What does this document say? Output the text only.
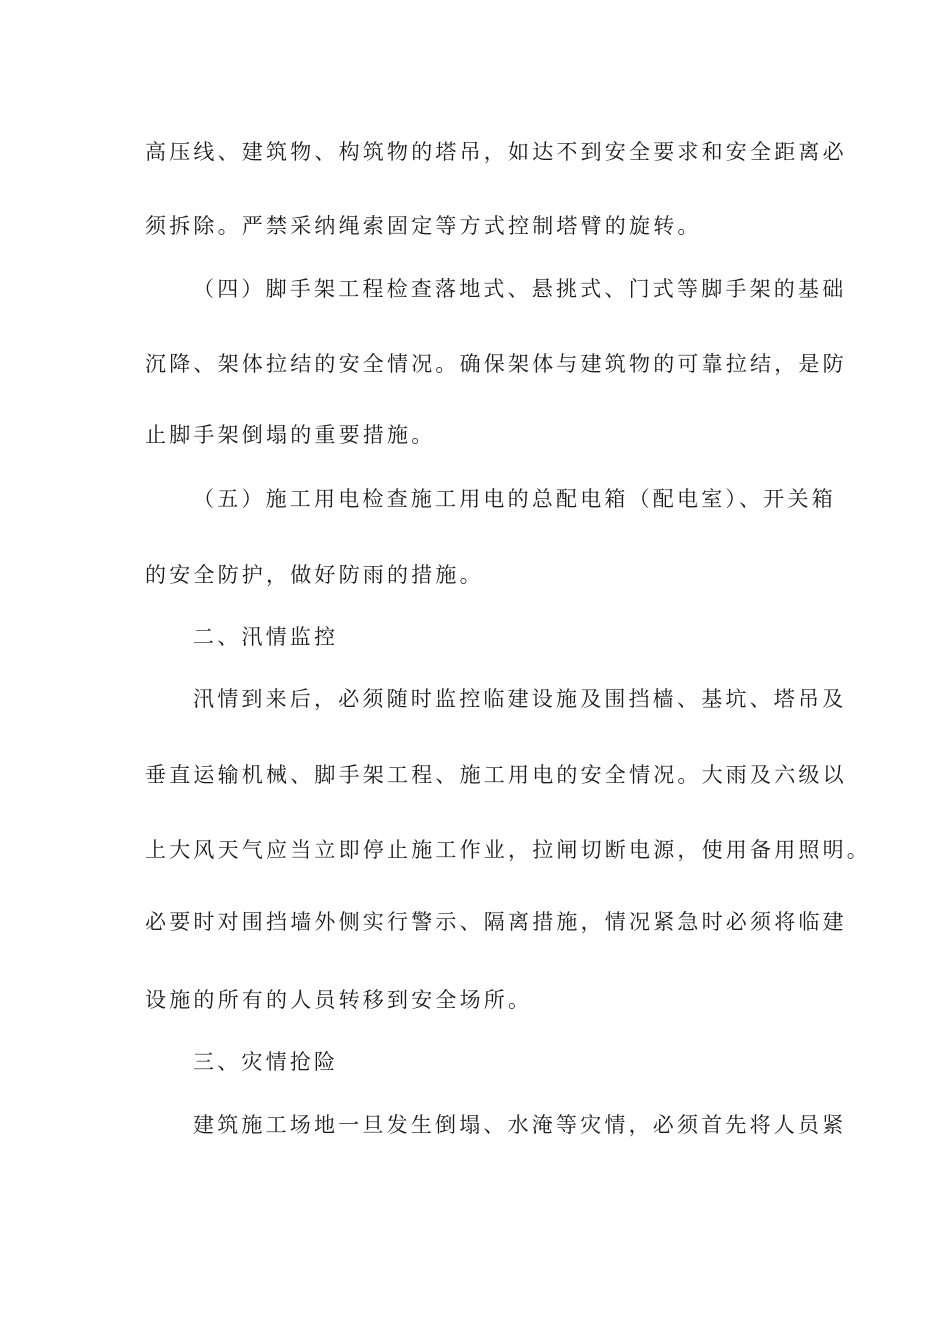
高压线、建筑物、构筑物的塔吊，如达不到安全要求和安全距离必
须拆除。严禁采纳绳索固定等方式控制塔臂的旋转。
（四）脚手架工程检查落地式、悬挑式、门式等脚手架的基础
沉降、架体拉结的安全情况。确保架体与建筑物的可靠拉结，是防
止脚手架倒塌的重要措施。
（五）施工用电检查施工用电的总配电箱（配电室）、开关箱
的安全防护，做好防雨的措施。
二、汛情监控
汛情到来后，必须随时监控临建设施及围挡樯、基坑、塔吊及
垂直运输机械、脚手架工程、施工用电的安全情况。大雨及六级以
上大风天气应当立即停止施工作业，拉闸切断电源，使用备用照明。
必要时对围挡墙外侧实行警示、隔离措施，情况紧急时必须将临建
设施的所有的人员转移到安全场所。
三、灾情抢险
建筑施工场地一旦发生倒塌、水淹等灾情，必须首先将人员紧
